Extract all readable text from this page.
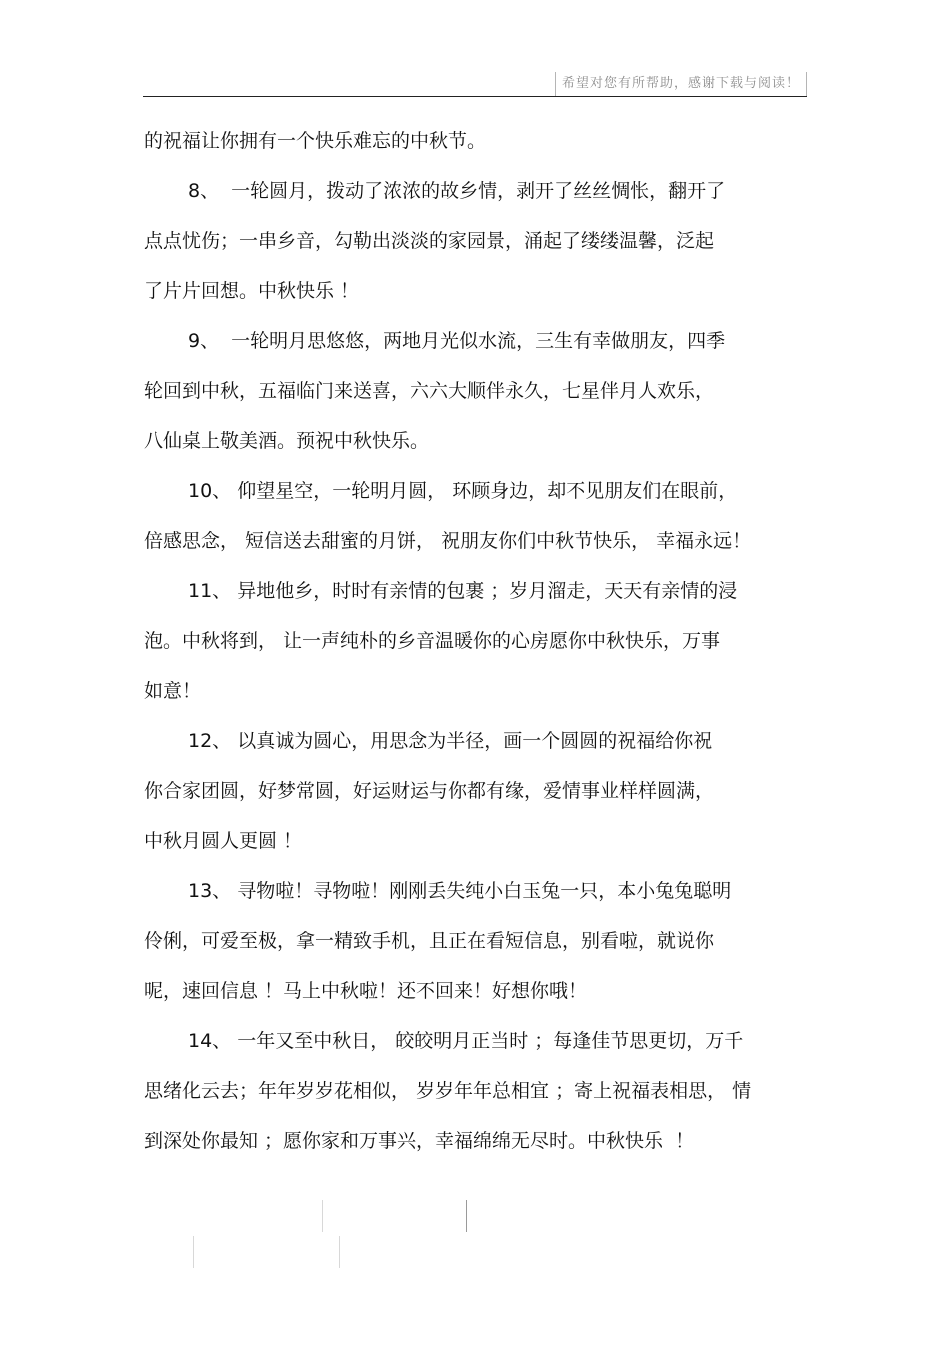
希望对您有所帮助，感谢下载与阅读！
的祝福让你拥有一个快乐难忘的中秋节。
8、  一轮圆月，拨动了浓浓的故乡情，剥开了丝丝惆怅，翻开了
点点忧伤；一串乡音，勾勒出淡淡的家园景，涌起了缕缕温馨，泛起
了片片回想。中秋快乐 ！
9、  一轮明月思悠悠，两地月光似水流，三生有幸做朋友，四季
轮回到中秋，五福临门来送喜，六六大顺伴永久，七星伴月人欢乐，
八仙桌上敬美酒。预祝中秋快乐。
10、 仰望星空，一轮明月圆， 环顾身边，却不见朋友们在眼前，
倍感思念， 短信送去甜蜜的月饼， 祝朋友你们中秋节快乐， 幸福永远！
11、 异地他乡，时时有亲情的包裹 ；岁月溜走，天天有亲情的浸
泡。中秋将到， 让一声纯朴的乡音温暖你的心房愿你中秋快乐，万事
如意！
12、 以真诚为圆心，用思念为半径，画一个圆圆的祝福给你祝
你合家团圆，好梦常圆，好运财运与你都有缘，爱情事业样样圆满，
中秋月圆人更圆 ！
13、 寻物啦！寻物啦！刚刚丢失纯小白玉兔一只，本小兔兔聪明
伶俐，可爱至极，拿一精致手机，且正在看短信息，别看啦，就说你
呢，速回信息 ！马上中秋啦！还不回来！好想你哦！
14、 一年又至中秋日， 皎皎明月正当时 ；每逢佳节思更切，万千
思绪化云去；年年岁岁花相似， 岁岁年年总相宜 ；寄上祝福表相思， 情
到深处你最知 ；愿你家和万事兴，幸福绵绵无尽时。中秋快乐  ！
